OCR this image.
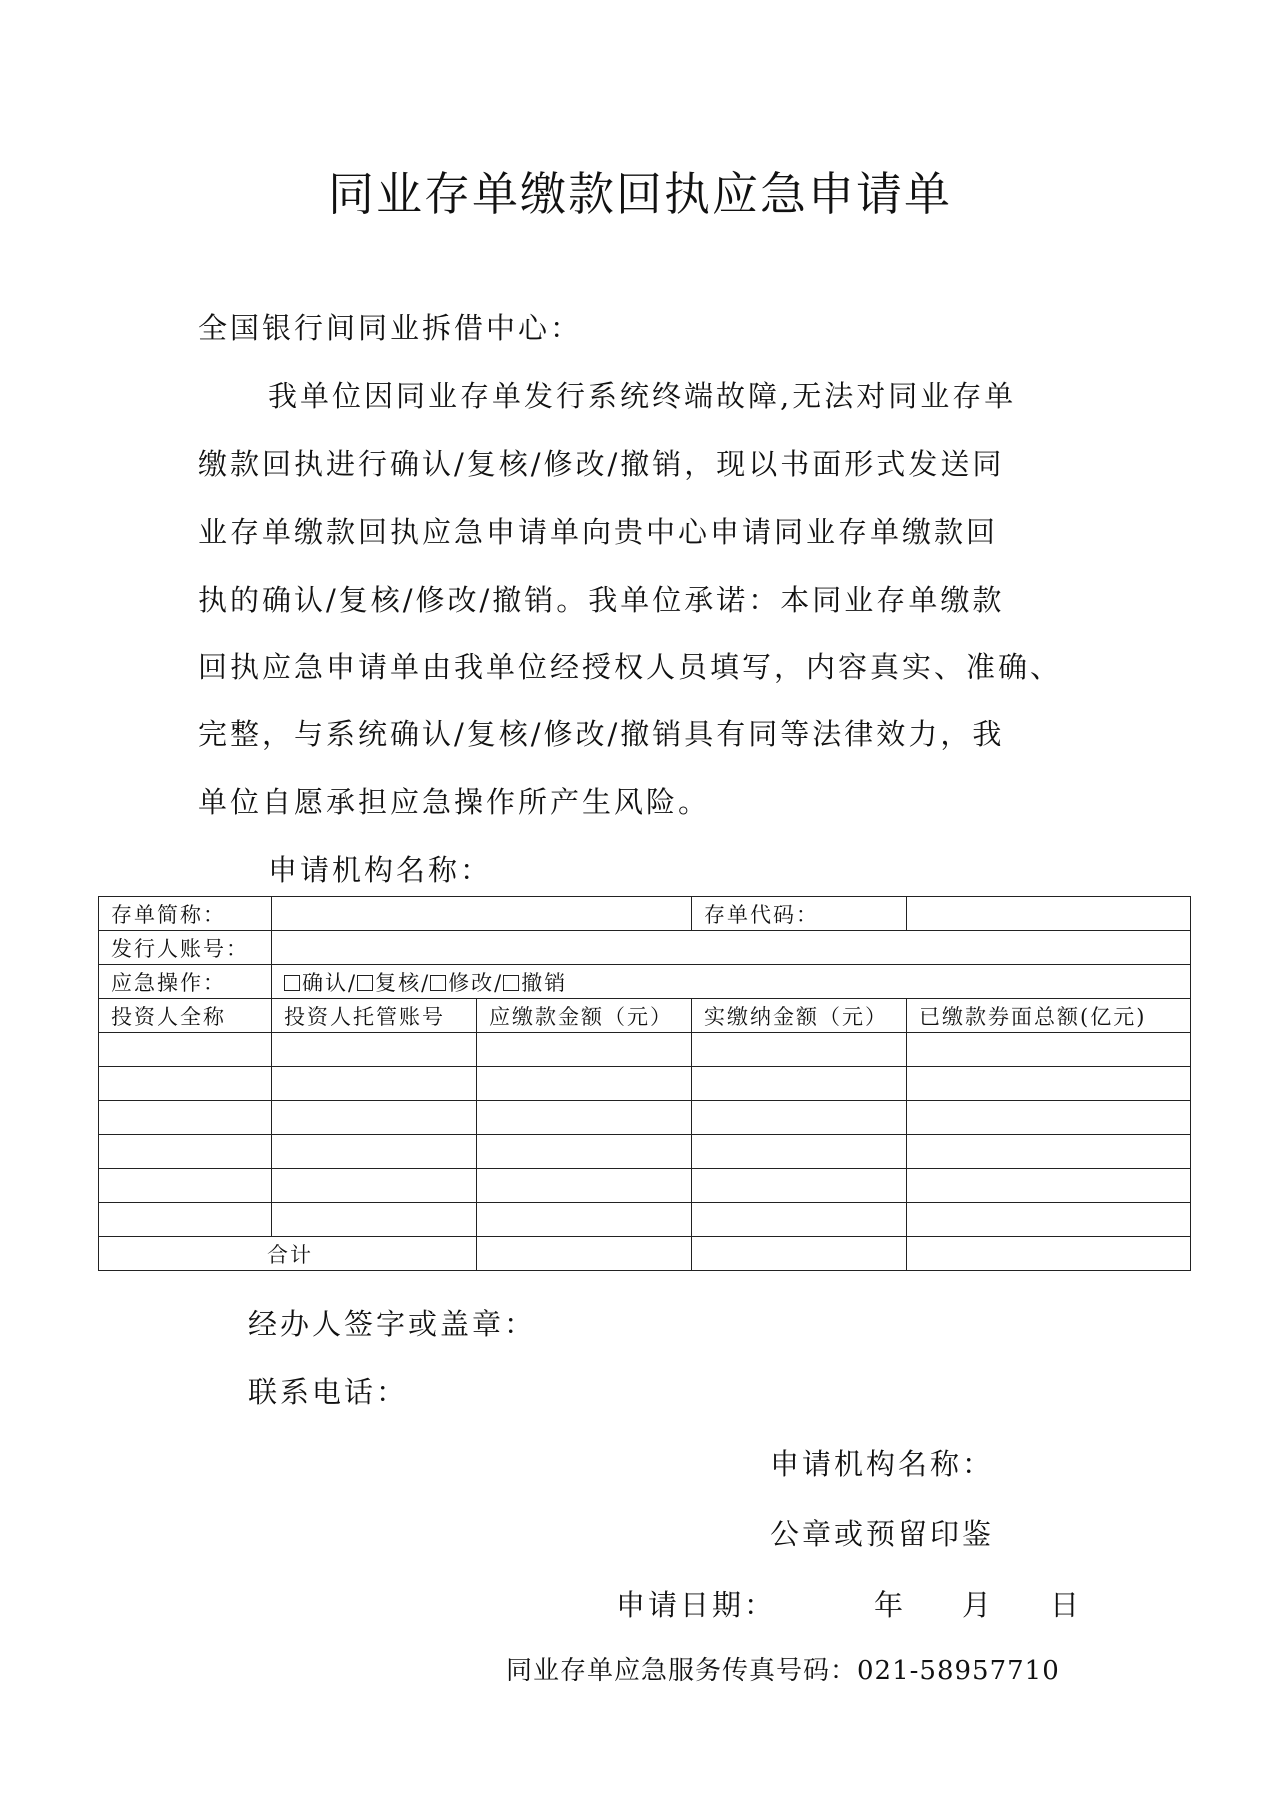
同业存单缴款回执应急申请单
全国银行间同业拆借中心：
我单位因同业存单发行系统终端故障,无法对同业存单
缴款回执进行确认/复核/修改/撤销，现以书面形式发送同
业存单缴款回执应急申请单向贵中心申请同业存单缴款回
执的确认/复核/修改/撤销。我单位承诺：本同业存单缴款
回执应急申请单由我单位经授权人员填写，内容真实、准确、
完整，与系统确认/复核/修改/撤销具有同等法律效力，我
单位自愿承担应急操作所产生风险。
申请机构名称：
存单简称：			存单代码：	
发行人账号：				
应急操作：	确认/ 复核/ 修改/ 撤销			
投资人全称	投资人托管账号	应缴款金额（元）	实缴纳金额（元）	已缴款券面总额(亿元)

合计				
经办人签字或盖章：
联系电话：
申请机构名称：
公章或预留印鉴
申请日期：	年 月 日
同业存单应急服务传真号码：021-58957710
